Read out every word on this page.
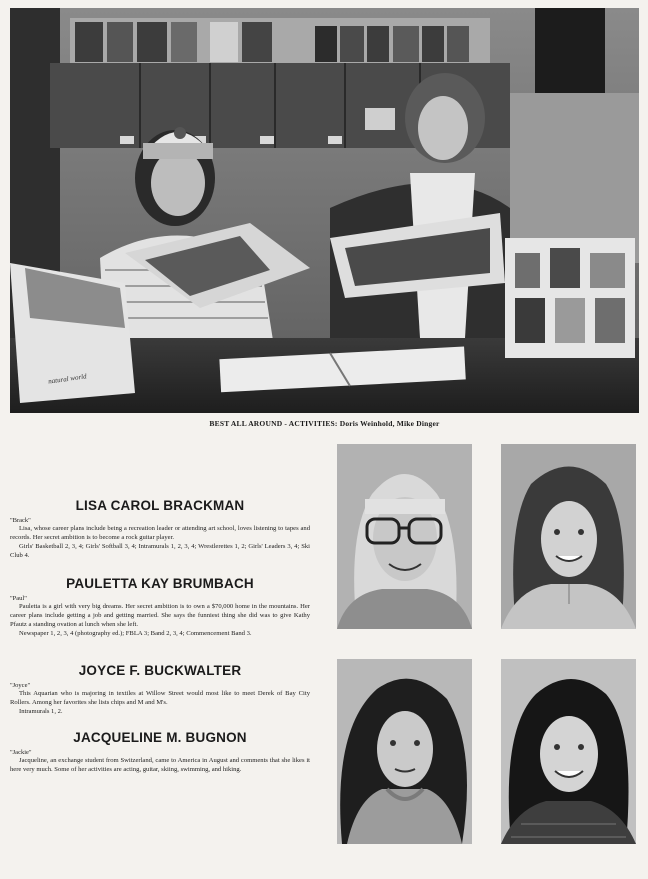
natural world
BEST ALL AROUND - ACTIVITIES: Doris Weinhold, Mike Dinger
LISA CAROL BRACKMAN
"Brack"

Lisa, whose career plans include being a recreation leader or attending art school, loves listening to tapes and records. Her secret ambition is to become a rock guitar player.

Girls' Basketball 2, 3, 4; Girls' Softball 3, 4; Intramurals 1, 2, 3, 4; Wrestlerettes 1, 2; Girls' Leaders 3, 4; Ski Club 4.

PAULETTA KAY BRUMBACH
"Paul"

Pauletta is a girl with very big dreams. Her secret ambition is to own a $70,000 home in the mountains. Her career plans include getting a job and getting married. She says the funniest thing she did was to give Kathy Pfautz a standing ovation at lunch when she left.

Newspaper 1, 2, 3, 4 (photography ed.); FBLA 3; Band 2, 3, 4; Commencement Band 3.

JOYCE F. BUCKWALTER
"Joyce"

This Aquarian who is majoring in textiles at Willow Street would most like to meet Derek of Bay City Rollers. Among her favorites she lists chips and M and M's.

Intramurals 1, 2.

JACQUELINE M. BUGNON
"Jackie"

Jacqueline, an exchange student from Switzerland, came to America in August and comments that she likes it here very much. Some of her activities are acting, guitar, skiing, swimming, and hiking.
